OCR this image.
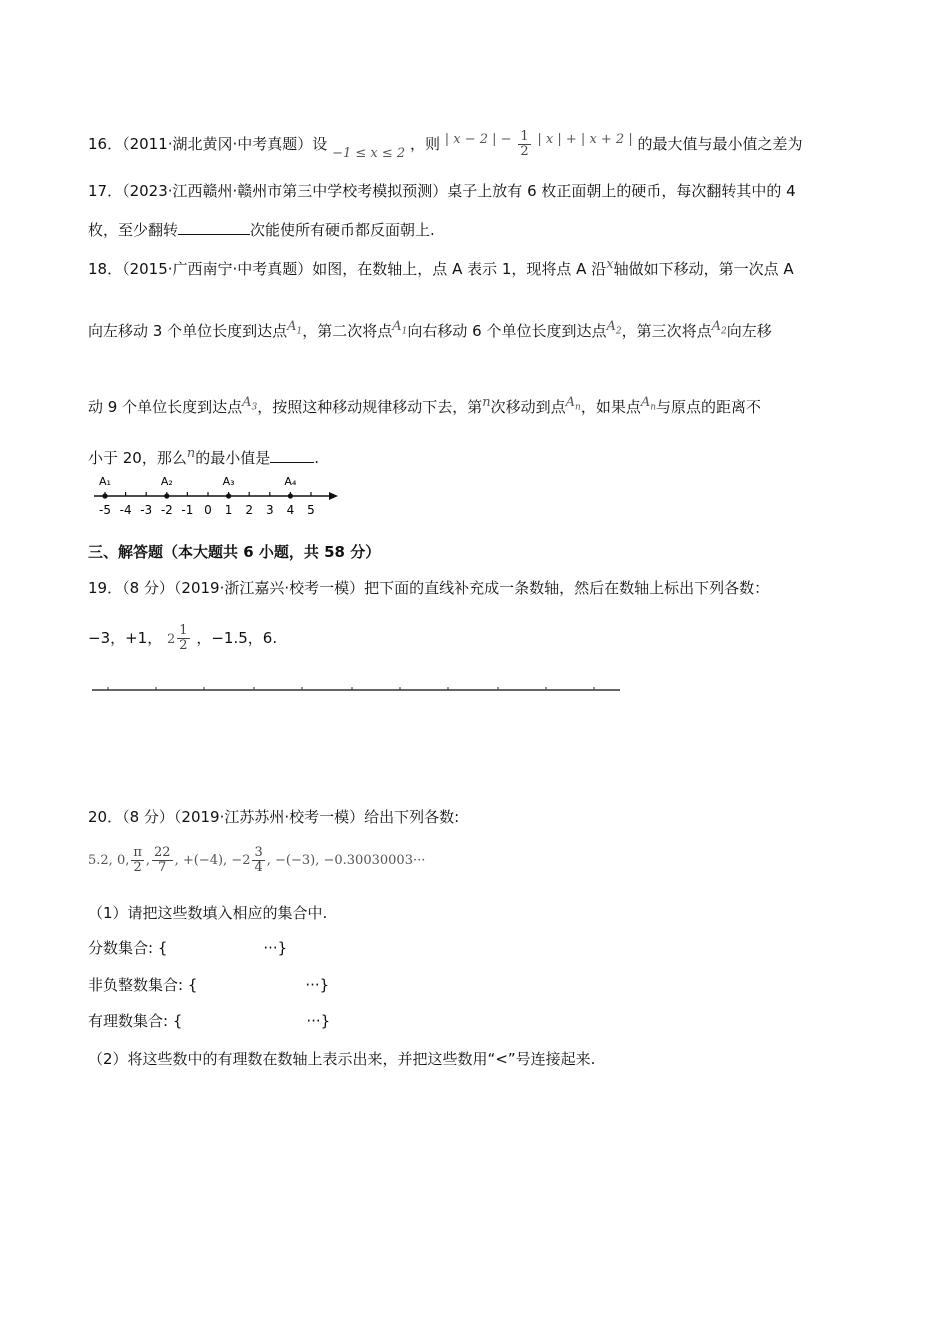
16．（2011·湖北黄冈·中考真题）设 −1 ≤ x ≤ 2 ，则 | x − 2 | − $\frac{1}{2}$ | x | + | x + 2 | 的最大值与最小值之差为
17．（2023·江西赣州·赣州市第三中学校考模拟预测）桌子上放有 6 枚正面朝上的硬币，每次翻转其中的 4
枚，至少翻转	次能使所有硬币都反面朝上.
18．（2015·广西南宁·中考真题）如图，在数轴上，点 A 表示 1，现将点 A 沿x轴做如下移动，第一次点 A
向左移动 3 个单位长度到达点$A_1$，第二次将点$A_1$向右移动 6 个单位长度到达点$A_2$，第三次将点$A_2$向左移
动 9 个单位长度到达点$A_3$，按照这种移动规律移动下去，第n次移动到点$A_n$，如果点$A_n$与原点的距离不
小于 20，那么n的最小值是	.
-5 -4 -3 -2 -1 0 1 2 3 4 5
A₁	A₂	A₃	A₄
三、解答题（本大题共 6 小题，共 58 分）
19．（8 分）（2019·浙江嘉兴·校考一模）把下面的直线补充成一条数轴，然后在数轴上标出下列各数：
−3，+1， $2 \frac{1}{2}$ ，−1.5，6.
20．（8 分）（2019·江苏苏州·校考一模）给出下列各数:
5.2, 0, $\frac{\pi}{2}$ , $\frac{22}{7}$ , +(−4), $-2 \frac{3}{4}$ , −(−3), −0.30030003···
（1）请把这些数填入相应的集合中.
分数集合: {	···}
非负整数集合: {	···}
有理数集合: {	···}
（2）将这些数中的有理数在数轴上表示出来，并把这些数用“<”号连接起来.
